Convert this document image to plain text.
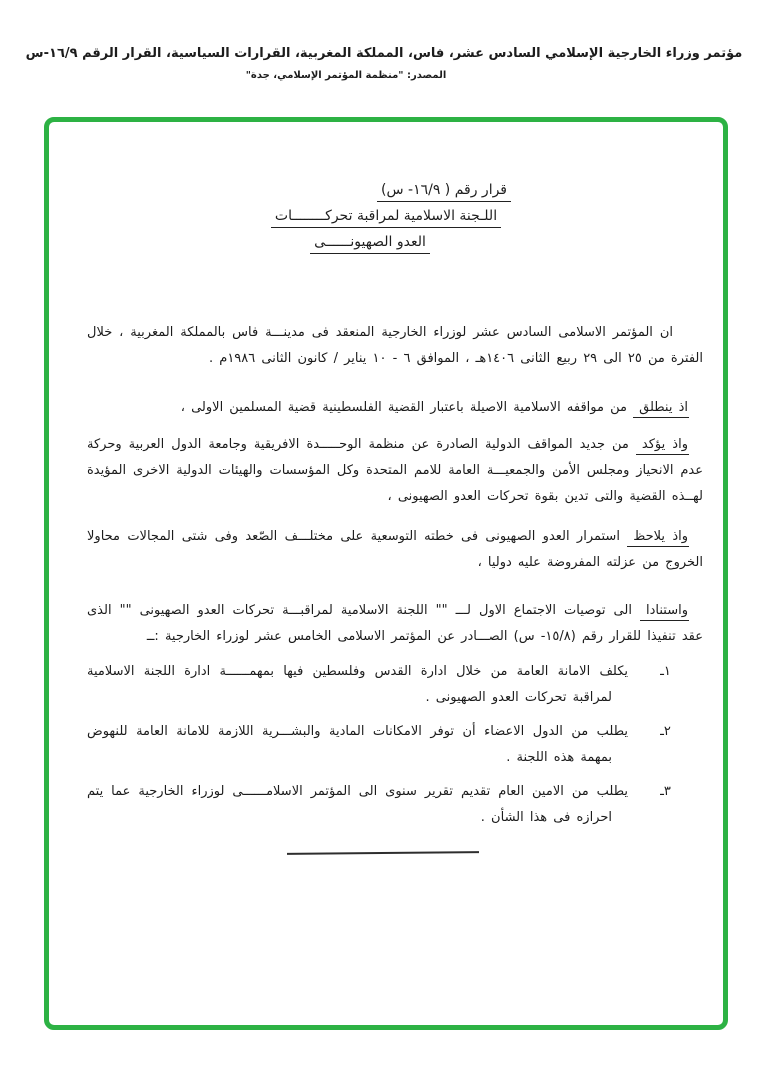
مؤتمر وزراء الخارجية الإسلامي السادس عشر، فاس، المملكة المغربية، القرارات السياسية، القرار الرقم ١٦/٩-س
المصدر: "منظمة المؤتمر الإسلامي، جدة"
قرار رقم ( ١٦/٩- س)
اللـجنة الاسلامية لمراقبة تحركــــــــات
العدو الصهيونــــــى

ان المؤتمر الاسلامى السادس عشر لوزراء الخارجية المنعقد فى مدينـــة فاس بالمملكة المغربية ، خلال الفترة من ٢٥ الى ٢٩ ربيع الثانى ١٤٠٦هـ ، الموافق ٦ - ١٠ يناير / كانون الثانى ١٩٨٦م .

اذ ينطلق من مواقفه الاسلامية الاصيلة باعتبار القضية الفلسطينية قضية المسلمين الاولى ،

واذ يؤكد من جديد المواقف الدولية الصادرة عن منظمة الوحـــــدة الافريقية وجامعة الدول العربية وحركة عدم الانحياز ومجلس الأمن والجمعيـــة العامة للامم المتحدة وكل المؤسسات والهيئات الدولية الاخرى المؤيدة لهــذه القضية والتى تدين بقوة تحركات العدو الصهيونى ،

واذ يلاحظ استمرار العدو الصهيونى فى خطته التوسعية على مختلـــف الصّعد وفى شتى المجالات محاولا الخروج من عزلته المفروضة عليه دوليا ،

واستنادا الى توصيات الاجتماع الاول لـــ "" اللجنة الاسلامية لمراقبـــة تحركات العدو الصهيونى "" الذى عقد تنفيذا للقرار رقم (١٥/٨- س) الصـــادر عن المؤتمر الاسلامى الخامس عشر لوزراء الخارجية :ــ

١ـ
يكلف الامانة العامة من خلال ادارة القدس وفلسطين فيها بمهمــــــة ادارة اللجنة الاسلامية لمراقبة تحركات العدو الصهيونى .
٢ـ
يطلب من الدول الاعضاء أن توفر الامكانات المادية والبشـــرية اللازمة للامانة العامة للنهوض بمهمة هذه اللجنة .
٣ـ
يطلب من الامين العام تقديم تقرير سنوى الى المؤتمر الاسلامــــــى لوزراء الخارجية عما يتم احرازه فى هذا الشأن .
